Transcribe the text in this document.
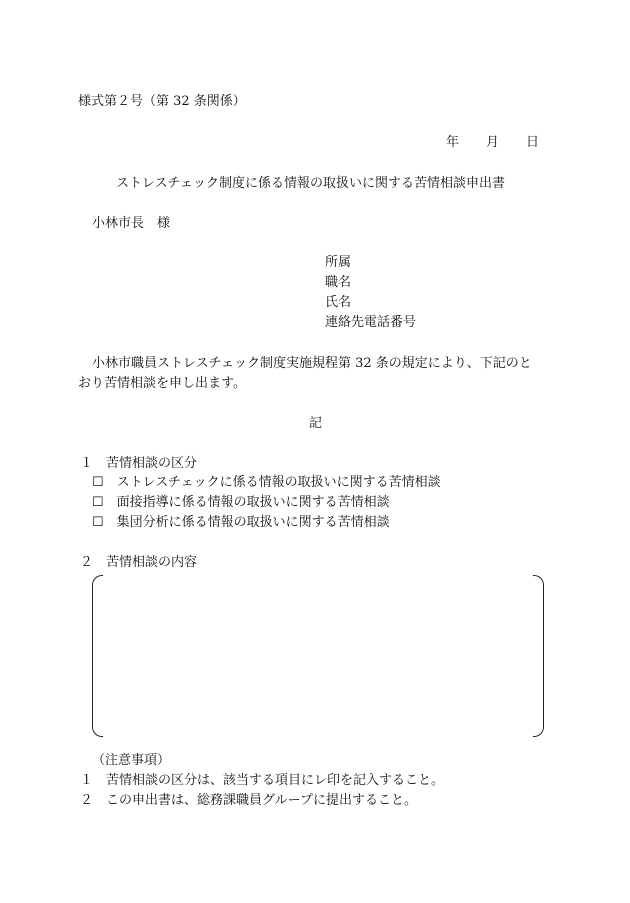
様式第２号（第 32 条関係）
年 月 日
ストレスチェック制度に係る情報の取扱いに関する苦情相談申出書
小林市長　様
所属
職名
氏名
連絡先電話番号
小林市職員ストレスチェック制度実施規程第 32 条の規定により、下記のと
おり苦情相談を申し出ます。
記
１　苦情相談の区分
☐　 ストレスチェックに係る情報の取扱いに関する苦情相談
☐　 面接指導に係る情報の取扱いに関する苦情相談
☐　 集団分析に係る情報の取扱いに関する苦情相談
２　苦情相談の内容
（注意事項）
１　苦情相談の区分は、該当する項目にレ印を記入すること。
２　この申出書は、総務課職員グループに提出すること。
